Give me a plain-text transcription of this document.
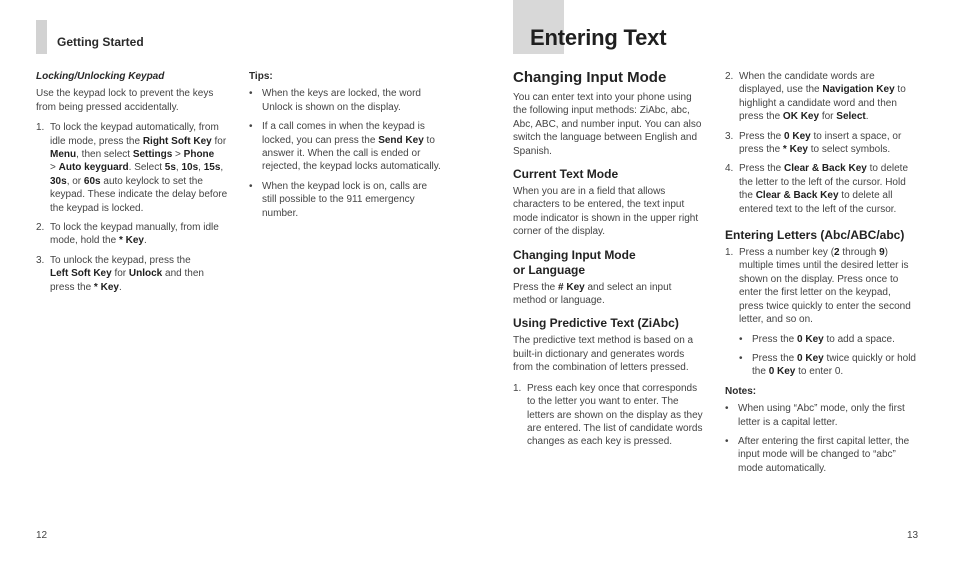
Getting Started
Locking/Unlocking Keypad

Use the keypad lock to prevent the keys from being pressed accidentally.

1. To lock the keypad automatically, from idle mode, press the Right Soft Key for Menu, then select Settings > Phone
> Auto keyguard. Select 5s, 10s, 15s, 30s, or 60s auto keylock to set the keypad. These indicate the delay before the keypad is locked.
2. To lock the keypad manually, from idle mode, hold the * Key.
3. To unlock the keypad, press the
Left Soft Key for Unlock and then press the * Key.
Tips:
• When the keys are locked, the word Unlock is shown on the display.
• If a call comes in when the keypad is locked, you can press the Send Key to answer it. When the call is ended or rejected, the keypad locks automatically.
• When the keypad lock is on, calls are still possible to the 911 emergency number.
12
Entering Text
Changing Input Mode

You can enter text into your phone using the following input methods: ZiAbc, abc, Abc, ABC, and number input. You can also switch the language between English and Spanish.

Current Text Mode

When you are in a field that allows characters to be entered, the text input mode indicator is shown in the upper right corner of the display.

Changing Input Mode
or Language

Press the # Key and select an input method or language.

Using Predictive Text (ZiAbc)

The predictive text method is based on a built-in dictionary and generates words from the combination of letters pressed.

1. Press each key once that corresponds to the letter you want to enter. The letters are shown on the display as they are entered. The list of candidate words changes as each key is pressed.
2. When the candidate words are displayed, use the Navigation Key to highlight a candidate word and then press the OK Key for Select.
3. Press the 0 Key to insert a space, or press the * Key to select symbols.
4. Press the Clear & Back Key to delete the letter to the left of the cursor. Hold the Clear & Back Key to delete all entered text to the left of the cursor.
Entering Letters (Abc/ABC/abc)
1. Press a number key (2 through 9) multiple times until the desired letter is shown on the display. Press once to enter the first letter on the keypad, press twice quickly to enter the second letter, and so on.
• Press the 0 Key to add a space.
• Press the 0 Key twice quickly or hold the 0 Key to enter 0.
Notes:
• When using “Abc” mode, only the first letter is a capital letter.
• After entering the first capital letter, the input mode will be changed to “abc” mode automatically.
13
